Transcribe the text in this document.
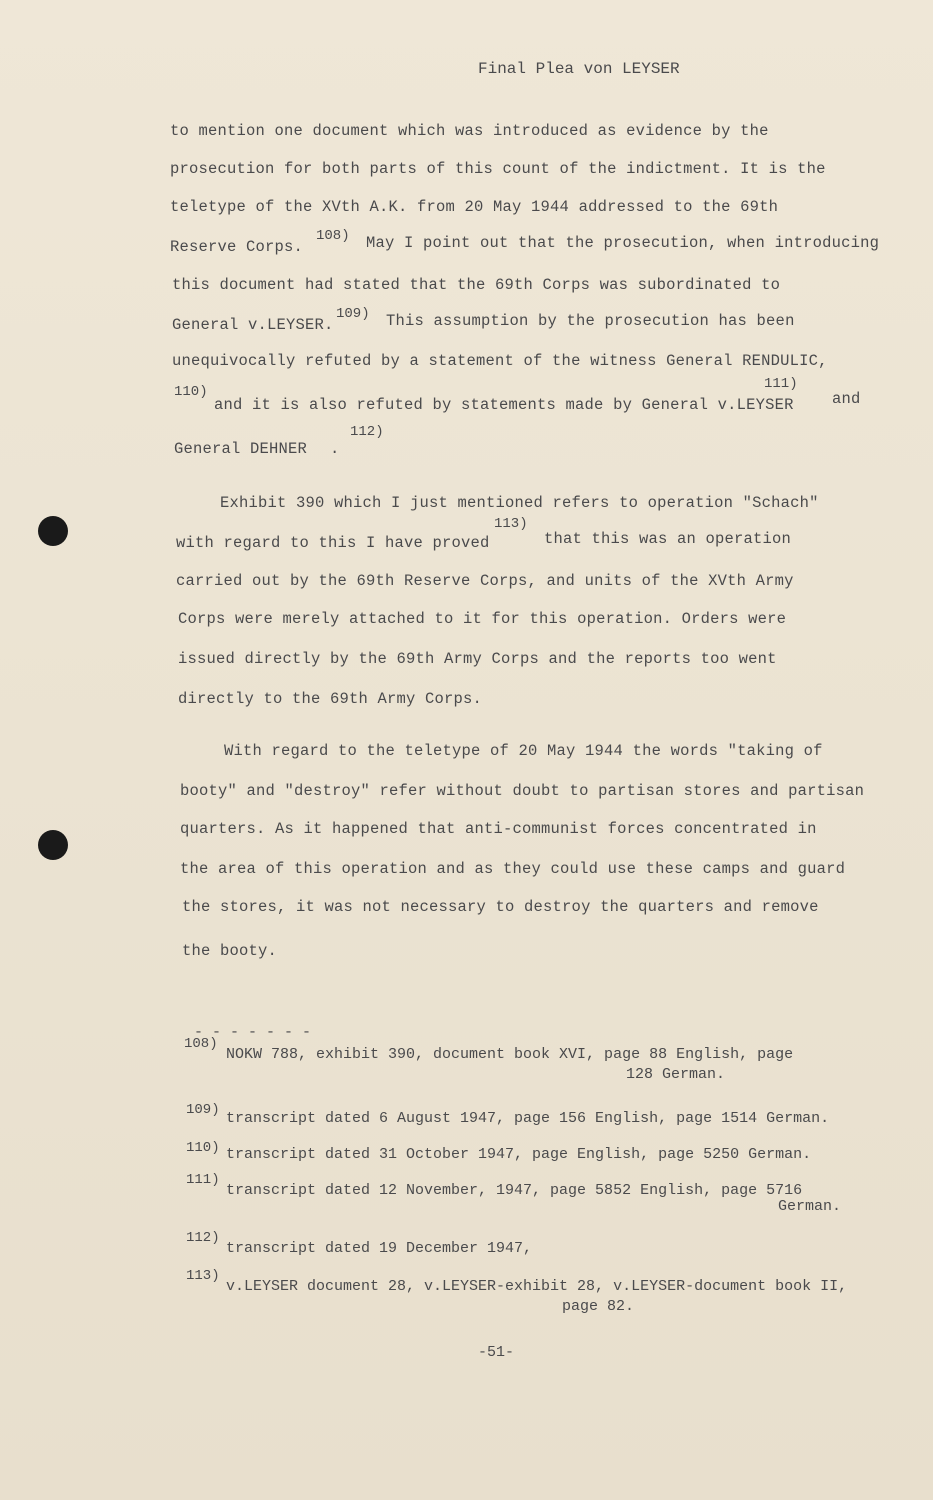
Final Plea von LEYSER
to mention one document which was introduced as evidence by the
prosecution for both parts of this count of the indictment. It is the
teletype of the XVth A.K. from 20 May 1944 addressed to the 69th
Reserve Corps.
108) May I point out that the prosecution, when introducing
this document had stated that the 69th Corps was subordinated to
General v.LEYSER.
109) This assumption by the prosecution has been
unequivocally refuted by a statement of the witness General RENDULIC,
110)
and it is also refuted by statements made by General v.LEYSER
111)
and
General DEHNER
112)
.
Exhibit 390 which I just mentioned refers to operation "Schach"
113)
with regard to this I have proved	that this was an operation
carried out by the 69th Reserve Corps, and units of the XVth Army
Corps were merely attached to it for this operation. Orders were
issued directly by the 69th Army Corps and the reports too went
directly to the 69th Army Corps.
With regard to the teletype of 20 May 1944 the words "taking of
booty" and "destroy" refer without doubt to partisan stores and partisan
quarters. As it happened that anti-communist forces concentrated in
the area of this operation and as they could use these camps and guard
the stores, it was not necessary to destroy the quarters and remove
the booty.
- - - - - - -
108)
NOKW 788, exhibit 390, document book XVI, page 88 English, page
128 German.
109) transcript dated 6 August 1947, page 156 English, page 1514 German.
110) transcript dated 31 October 1947, page English, page 5250 German.
111)
transcript dated 12 November, 1947, page 5852 English, page 5716
German.
112)
transcript dated 19 December 1947,
113)
v.LEYSER document 28, v.LEYSER-exhibit 28, v.LEYSER-document book II,
page 82.
-51-
